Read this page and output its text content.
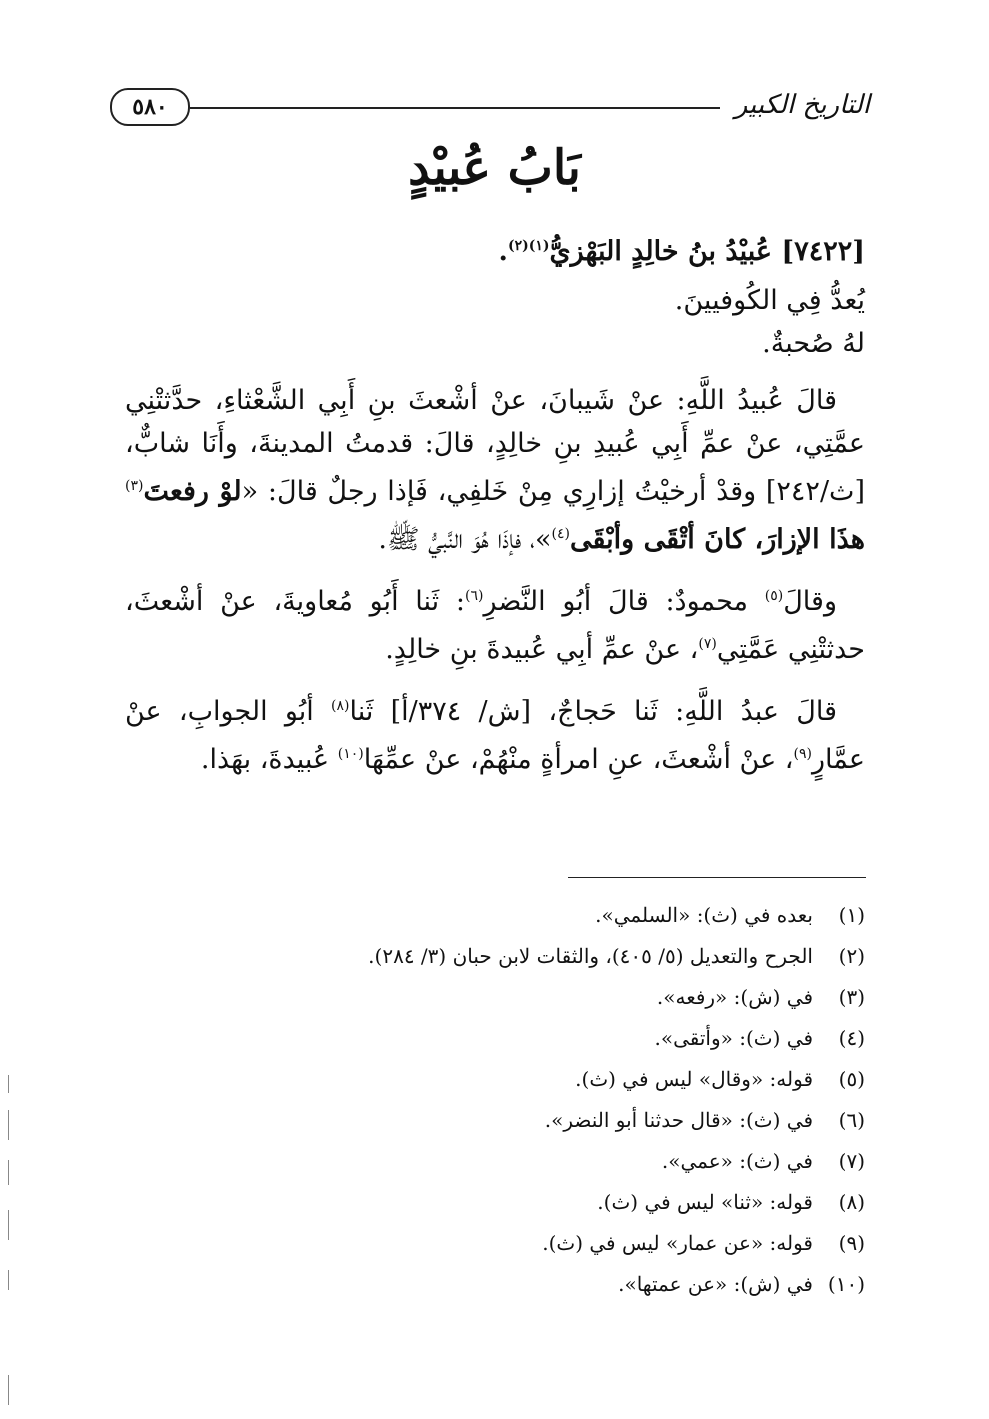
٥٨٠	التاريخ الكبير
بَابُ عُبيْدٍ

[٧٤٢٢] عُبيْدُ بنُ خالِدٍ البَهْزيُّ$^{(١)(٢)}$.

يُعدُّ فِي الكُوفيينَ.

لهُ صُحبةٌ.

قالَ عُبيدُ اللَّهِ: عنْ شَيبانَ، عنْ أشْعثَ بنِ أَبِي الشَّعْثاءِ، حدَّثتْنِي عمَّتِي، عنْ عمِّ أَبِي عُبيدِ بنِ خالِدٍ، قالَ: قدمتُ المدينةَ، وأَنَا شابٌّ، [ث/٢٤٢] وقدْ أرخيْتُ إزارِي مِنْ خَلفِي، فَإذا رجلٌ قالَ: «لوْ رفعتَ$^{(٣)}$ هذَا الإزارَ، كانَ أتْقَى وأبْقَى$^{(٤)}$»، فإذَا هُوَ النَّبيُّ ﷺ.

وقالَ$^{(٥)}$ محمودٌ: قالَ أبُو النَّضرِ$^{(٦)}$: ثَنا أَبُو مُعاويةَ، عنْ أشْعثَ، حدثتْنِي عَمَّتِي$^{(٧)}$، عنْ عمِّ أبِي عُبيدةَ بنِ خالِدٍ.

قالَ عبدُ اللَّهِ: ثَنا حَجاجٌ، [ش/ ٣٧٤/أ] ثَنا$^{(٨)}$ أبُو الجوابِ، عنْ عمَّارٍ$^{(٩)}$، عنْ أشْعثَ، عنِ امرأةٍ منْهُمْ، عنْ عمِّهَا$^{(١٠)}$ عُبيدةَ، بهَذا.

(١)بعده في (ث): «السلمي».

(٢)الجرح والتعديل (٥/ ٤٠٥)، والثقات لابن حبان (٣/ ٢٨٤).

(٣)في (ش): «رفعه».

(٤)في (ث): «وأتقى».

(٥)قوله: «وقال» ليس في (ث).

(٦)في (ث): «قال حدثنا أبو النضر».

(٧)في (ث): «عمي».

(٨)قوله: «ثنا» ليس في (ث).

(٩)قوله: «عن عمار» ليس في (ث).

(١٠)في (ش): «عن عمتها».
